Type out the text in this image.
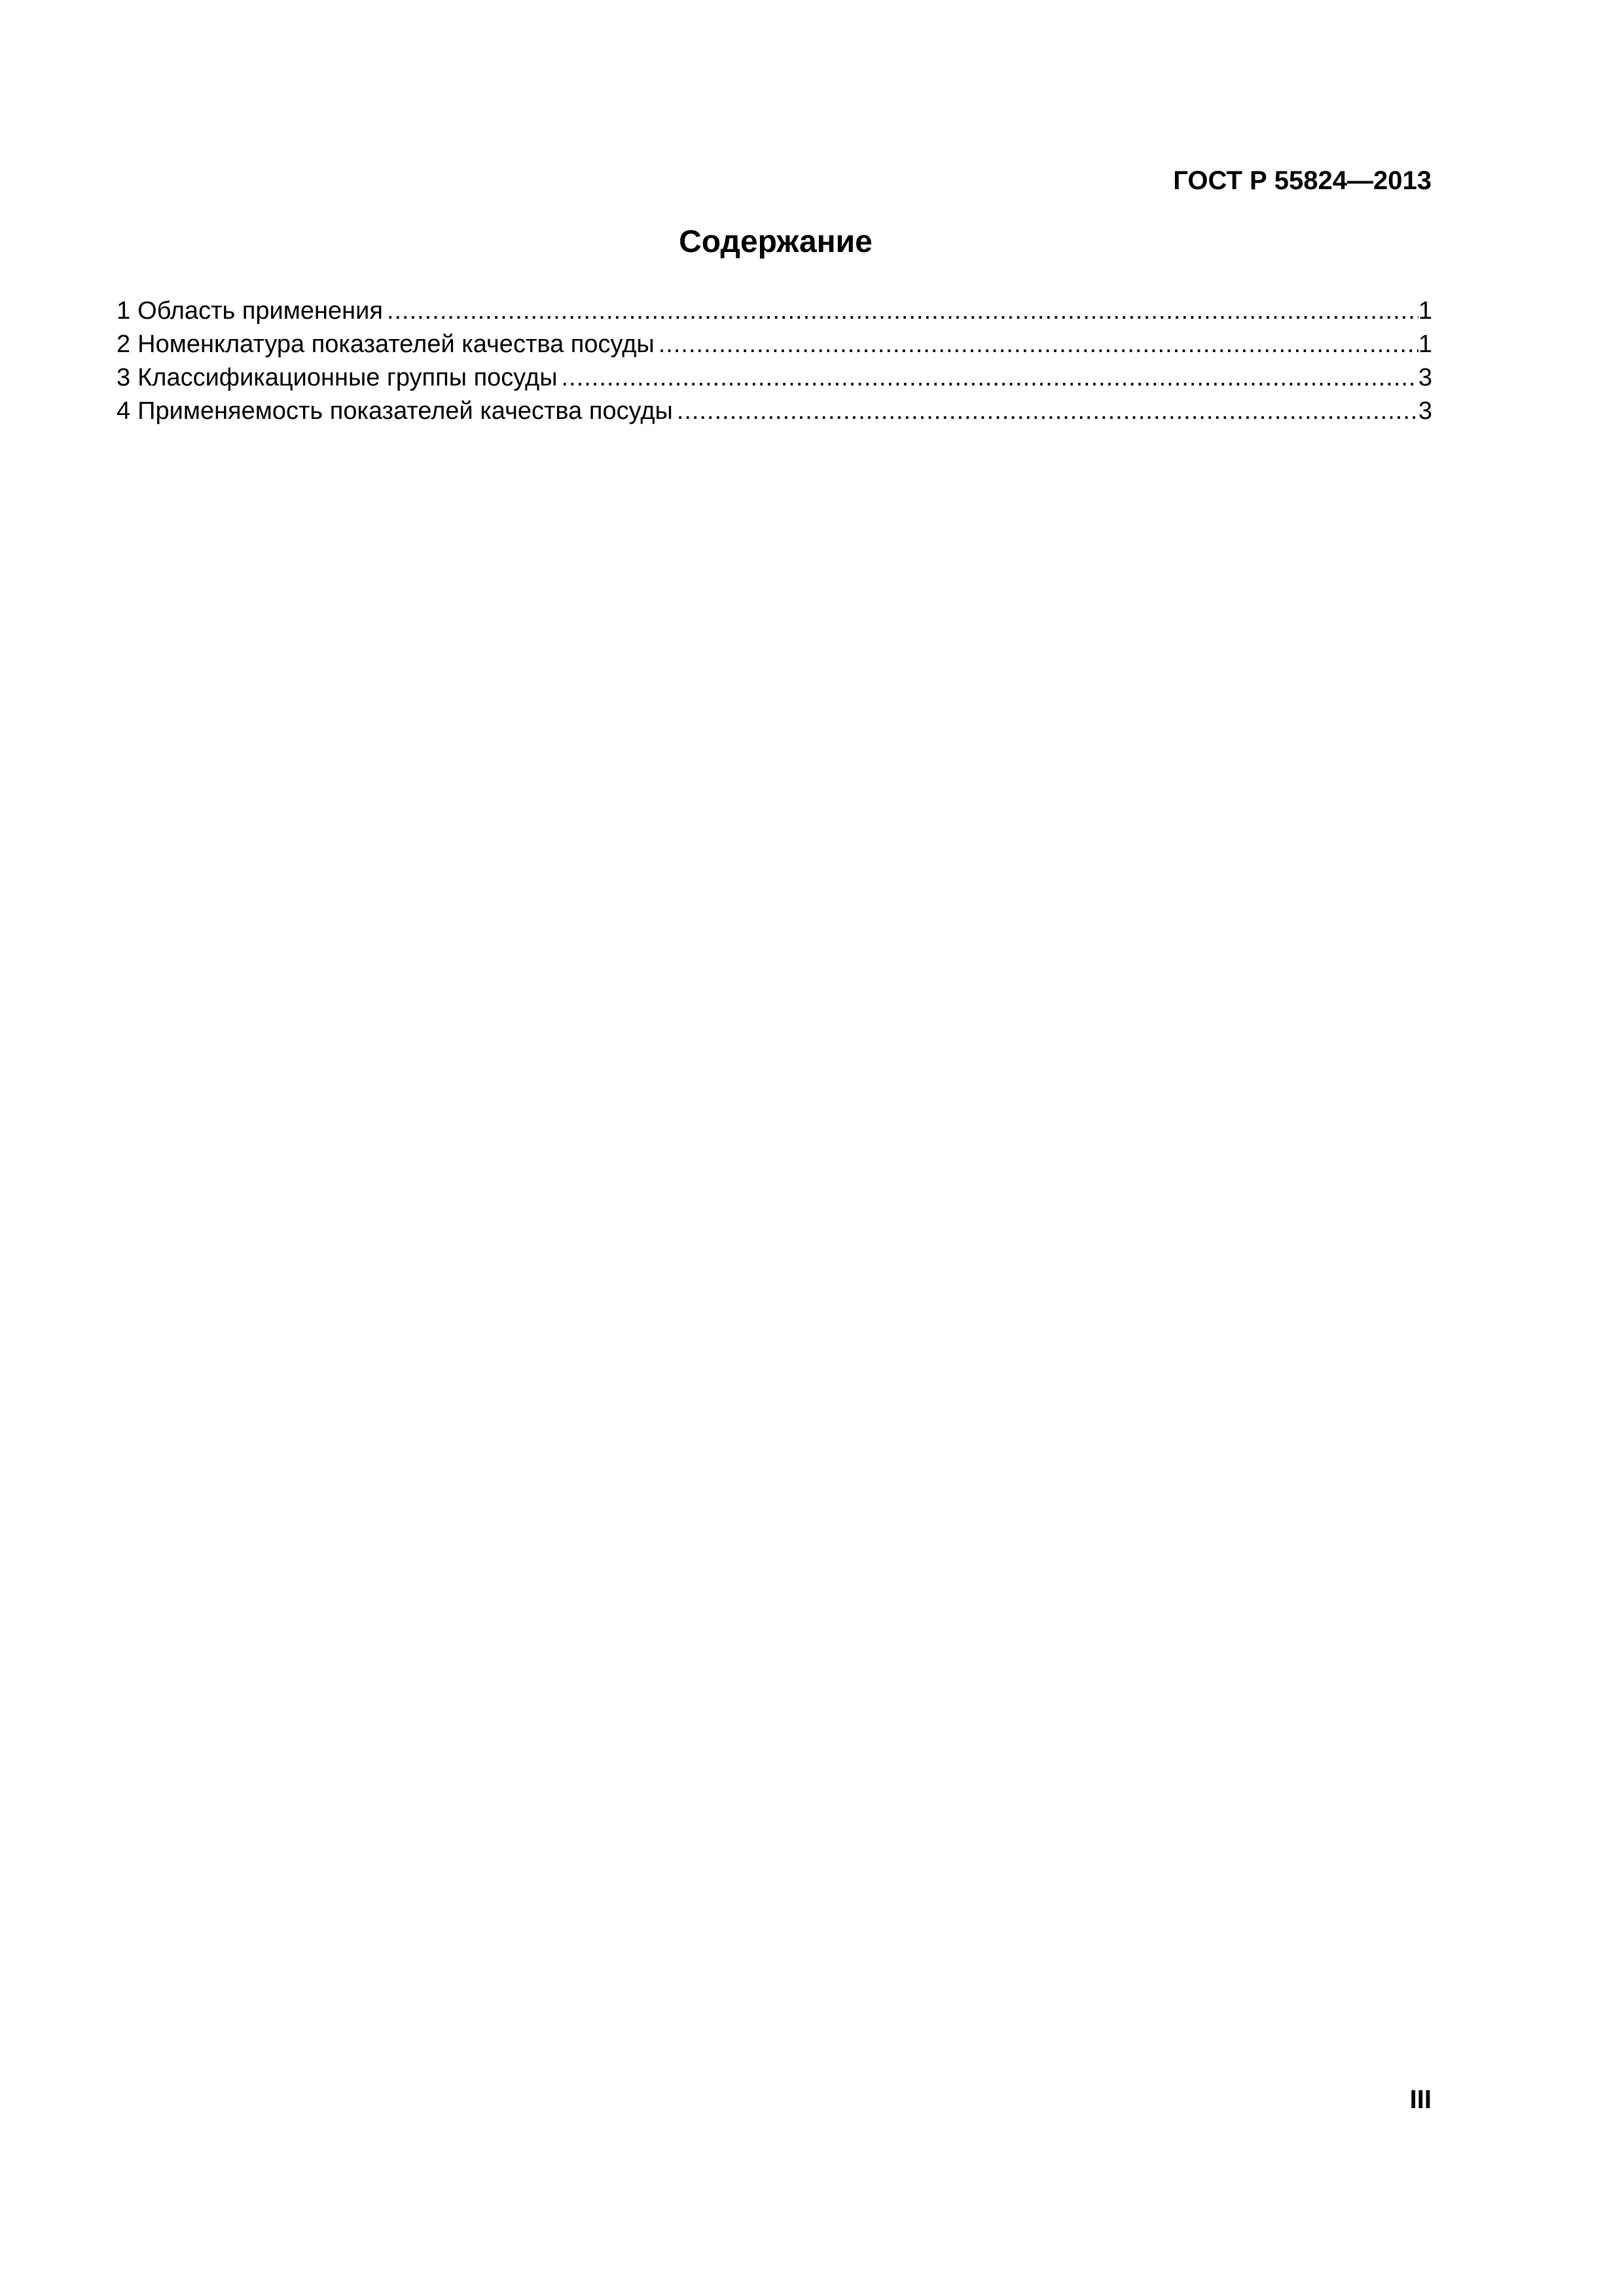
ГОСТ Р 55824—2013
Содержание
1 Область применения .....	1
2 Номенклатура показателей качества посуды .....	1
3 Классификационные группы посуды .....	3
4 Применяемость показателей качества посуды .....	3
III
